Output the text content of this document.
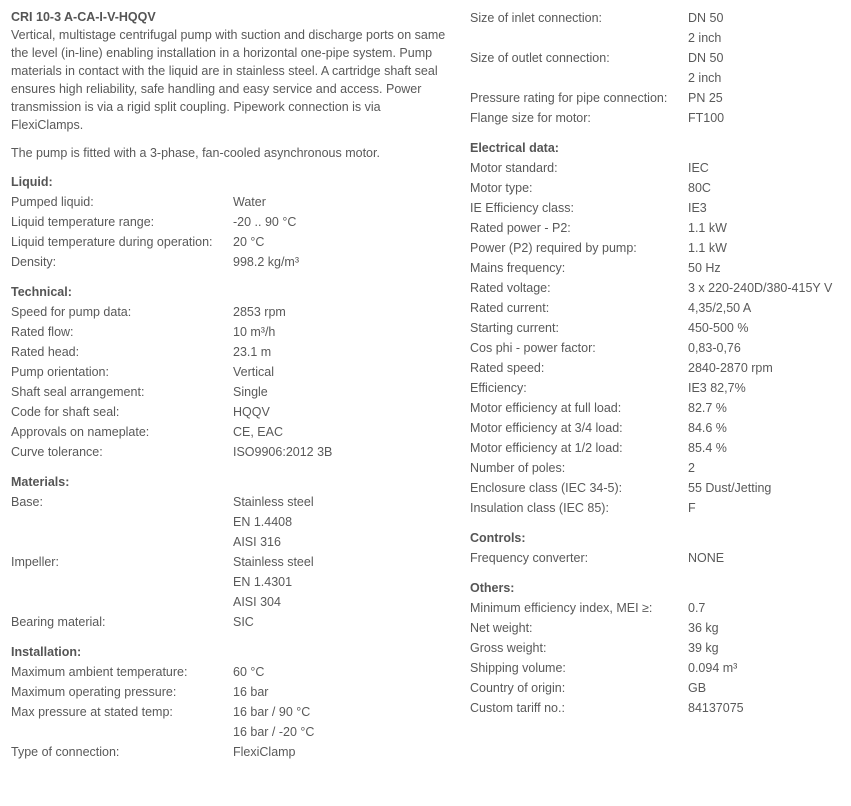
CRI 10-3 A-CA-I-V-HQQV

Vertical, multistage centrifugal pump with suction and discharge ports on same the level (in-line) enabling installation in a horizontal one-pipe system. Pump materials in contact with the liquid are in stainless steel. A cartridge shaft seal ensures high reliability, safe handling and easy service and access. Power transmission is via a rigid split coupling. Pipework connection is via FlexiClamps.

The pump is fitted with a 3-phase, fan-cooled asynchronous motor.
Liquid:
Pumped liquid:	Water
Liquid temperature range:	-20 .. 90 °C
Liquid temperature during operation:	20 °C
Density:	998.2 kg/m³
Technical:
Speed for pump data:	2853 rpm
Rated flow:	10 m³/h
Rated head:	23.1 m
Pump orientation:	Vertical
Shaft seal arrangement:	Single
Code for shaft seal:	HQQV
Approvals on nameplate:	CE, EAC
Curve tolerance:	ISO9906:2012 3B
Materials:
Base:	Stainless steel
EN 1.4408
AISI 316
Impeller:	Stainless steel
EN 1.4301
AISI 304
Bearing material:	SIC
Installation:
Maximum ambient temperature:	60 °C
Maximum operating pressure:	16 bar
Max pressure at stated temp:	16 bar / 90 °C
16 bar / -20 °C
Type of connection:	FlexiClamp
Size of inlet connection:	DN 50
2 inch
Size of outlet connection:	DN 50
2 inch
Pressure rating for pipe connection:	PN 25
Flange size for motor:	FT100
Electrical data:
Motor standard:	IEC
Motor type:	80C
IE Efficiency class:	IE3
Rated power - P2:	1.1 kW
Power (P2) required by pump:	1.1 kW
Mains frequency:	50 Hz
Rated voltage:	3 x 220-240D/380-415Y V
Rated current:	4,35/2,50 A
Starting current:	450-500 %
Cos phi - power factor:	0,83-0,76
Rated speed:	2840-2870 rpm
Efficiency:	IE3 82,7%
Motor efficiency at full load:	82.7 %
Motor efficiency at 3/4 load:	84.6 %
Motor efficiency at 1/2 load:	85.4 %
Number of poles:	2
Enclosure class (IEC 34-5):	55 Dust/Jetting
Insulation class (IEC 85):	F
Controls:
Frequency converter:	NONE
Others:
Minimum efficiency index, MEI ≥:	0.7
Net weight:	36 kg
Gross weight:	39 kg
Shipping volume:	0.094 m³
Country of origin:	GB
Custom tariff no.:	84137075
